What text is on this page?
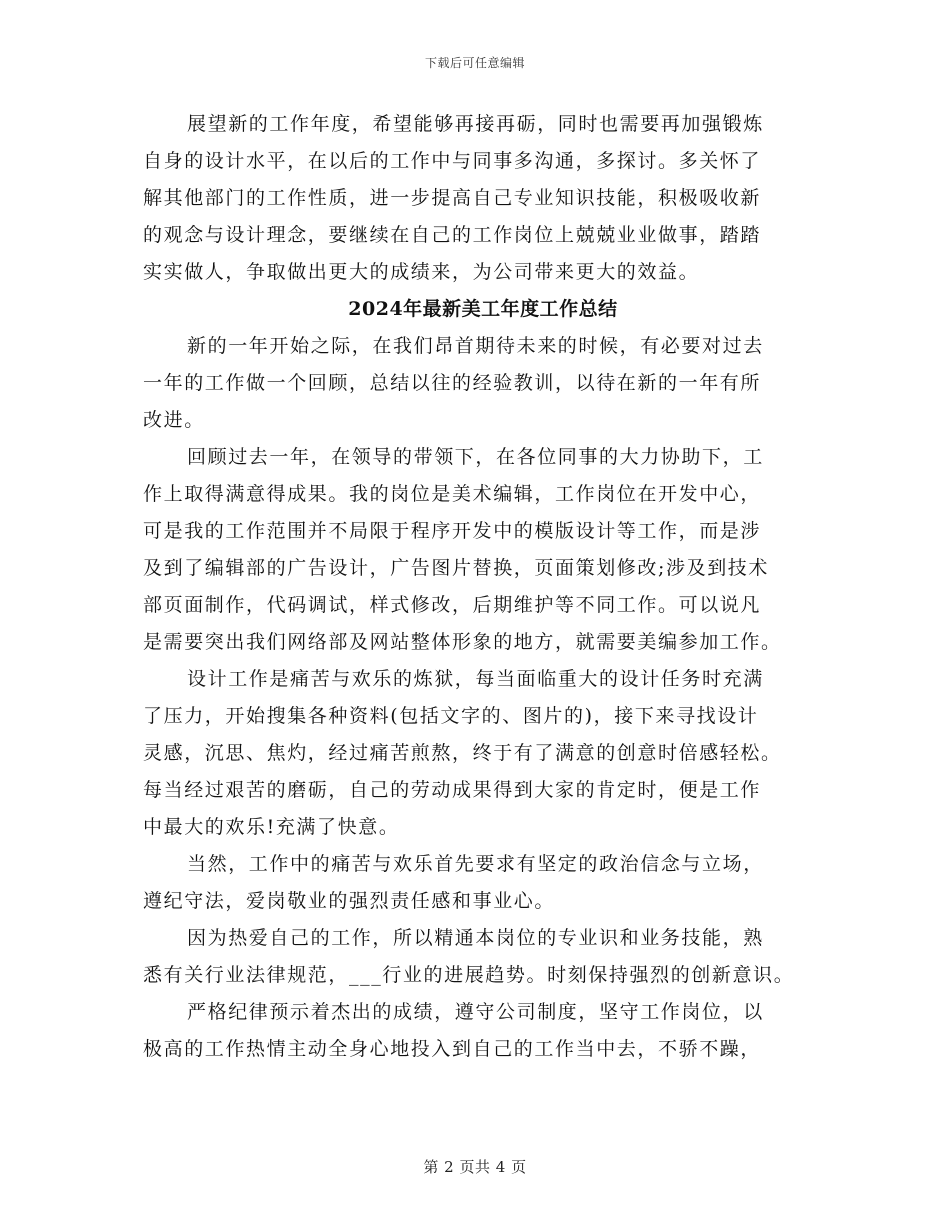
下载后可任意编辑
展望新的工作年度，希望能够再接再砺，同时也需要再加强锻炼
自身的设计水平，在以后的工作中与同事多沟通，多探讨。多关怀了
解其他部门的工作性质，进一步提高自己专业知识技能，积极吸收新
的观念与设计理念，要继续在自己的工作岗位上兢兢业业做事，踏踏
实实做人，争取做出更大的成绩来，为公司带来更大的效益。
2024年最新美工年度工作总结
新的一年开始之际，在我们昂首期待未来的时候，有必要对过去
一年的工作做一个回顾，总结以往的经验教训，以待在新的一年有所
改进。
回顾过去一年，在领导的带领下，在各位同事的大力协助下，工
作上取得满意得成果。我的岗位是美术编辑，工作岗位在开发中心，
可是我的工作范围并不局限于程序开发中的模版设计等工作，而是涉
及到了编辑部的广告设计，广告图片替换，页面策划修改;涉及到技术
部页面制作，代码调试，样式修改，后期维护等不同工作。可以说凡
是需要突出我们网络部及网站整体形象的地方，就需要美编参加工作。
设计工作是痛苦与欢乐的炼狱，每当面临重大的设计任务时充满
了压力，开始搜集各种资料(包括文字的、图片的)，接下来寻找设计
灵感，沉思、焦灼，经过痛苦煎熬，终于有了满意的创意时倍感轻松。
每当经过艰苦的磨砺，自己的劳动成果得到大家的肯定时，便是工作
中最大的欢乐!充满了快意。
当然，工作中的痛苦与欢乐首先要求有坚定的政治信念与立场，
遵纪守法，爱岗敬业的强烈责任感和事业心。
因为热爱自己的工作，所以精通本岗位的专业识和业务技能，熟
悉有关行业法律规范，___行业的进展趋势。时刻保持强烈的创新意识。
严格纪律预示着杰出的成绩，遵守公司制度，坚守工作岗位，以
极高的工作热情主动全身心地投入到自己的工作当中去，不骄不躁，
第 2 页共 4 页
